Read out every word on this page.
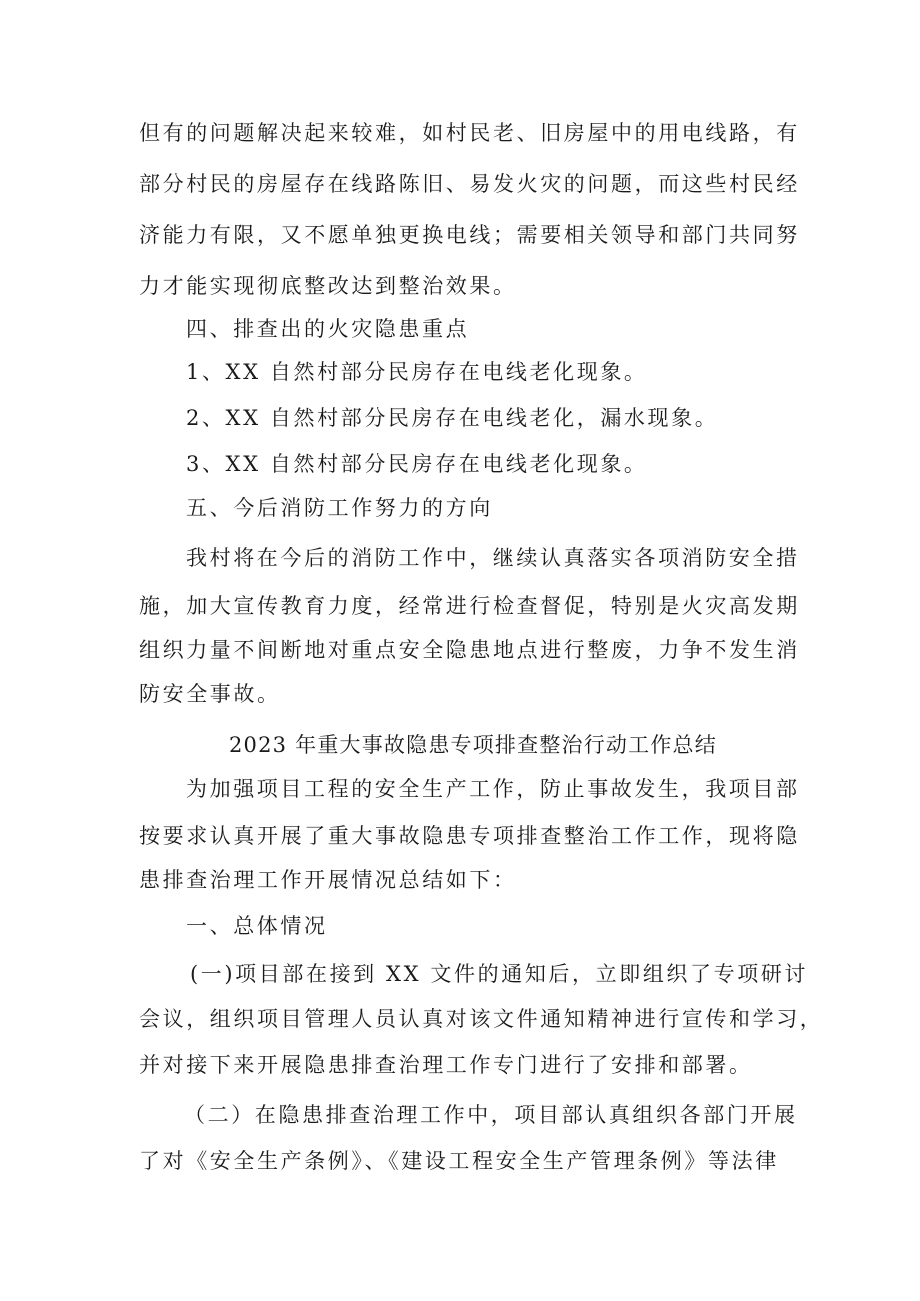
但有的问题解决起来较难，如村民老、旧房屋中的用电线路，有
部分村民的房屋存在线路陈旧、易发火灾的问题，而这些村民经
济能力有限，又不愿单独更换电线；需要相关领导和部门共同努
力才能实现彻底整改达到整治效果。
四、排查出的火灾隐患重点
1、XX 自然村部分民房存在电线老化现象。
2、XX 自然村部分民房存在电线老化，漏水现象。
3、XX 自然村部分民房存在电线老化现象。
五、今后消防工作努力的方向
我村将在今后的消防工作中，继续认真落实各项消防安全措
施，加大宣传教育力度，经常进行检查督促，特别是火灾高发期
组织力量不间断地对重点安全隐患地点进行整废，力争不发生消
防安全事故。
2023 年重大事故隐患专项排查整治行动工作总结
为加强项目工程的安全生产工作，防止事故发生，我项目部
按要求认真开展了重大事故隐患专项排查整治工作工作，现将隐
患排查治理工作开展情况总结如下：
一、总体情况
(一)项目部在接到 XX 文件的通知后，立即组织了专项研讨
会议，组织项目管理人员认真对该文件通知精神进行宣传和学习，
并对接下来开展隐患排查治理工作专门进行了安排和部署。
（二）在隐患排查治理工作中，项目部认真组织各部门开展
了对《安全生产条例》、《建设工程安全生产管理条例》等法律
